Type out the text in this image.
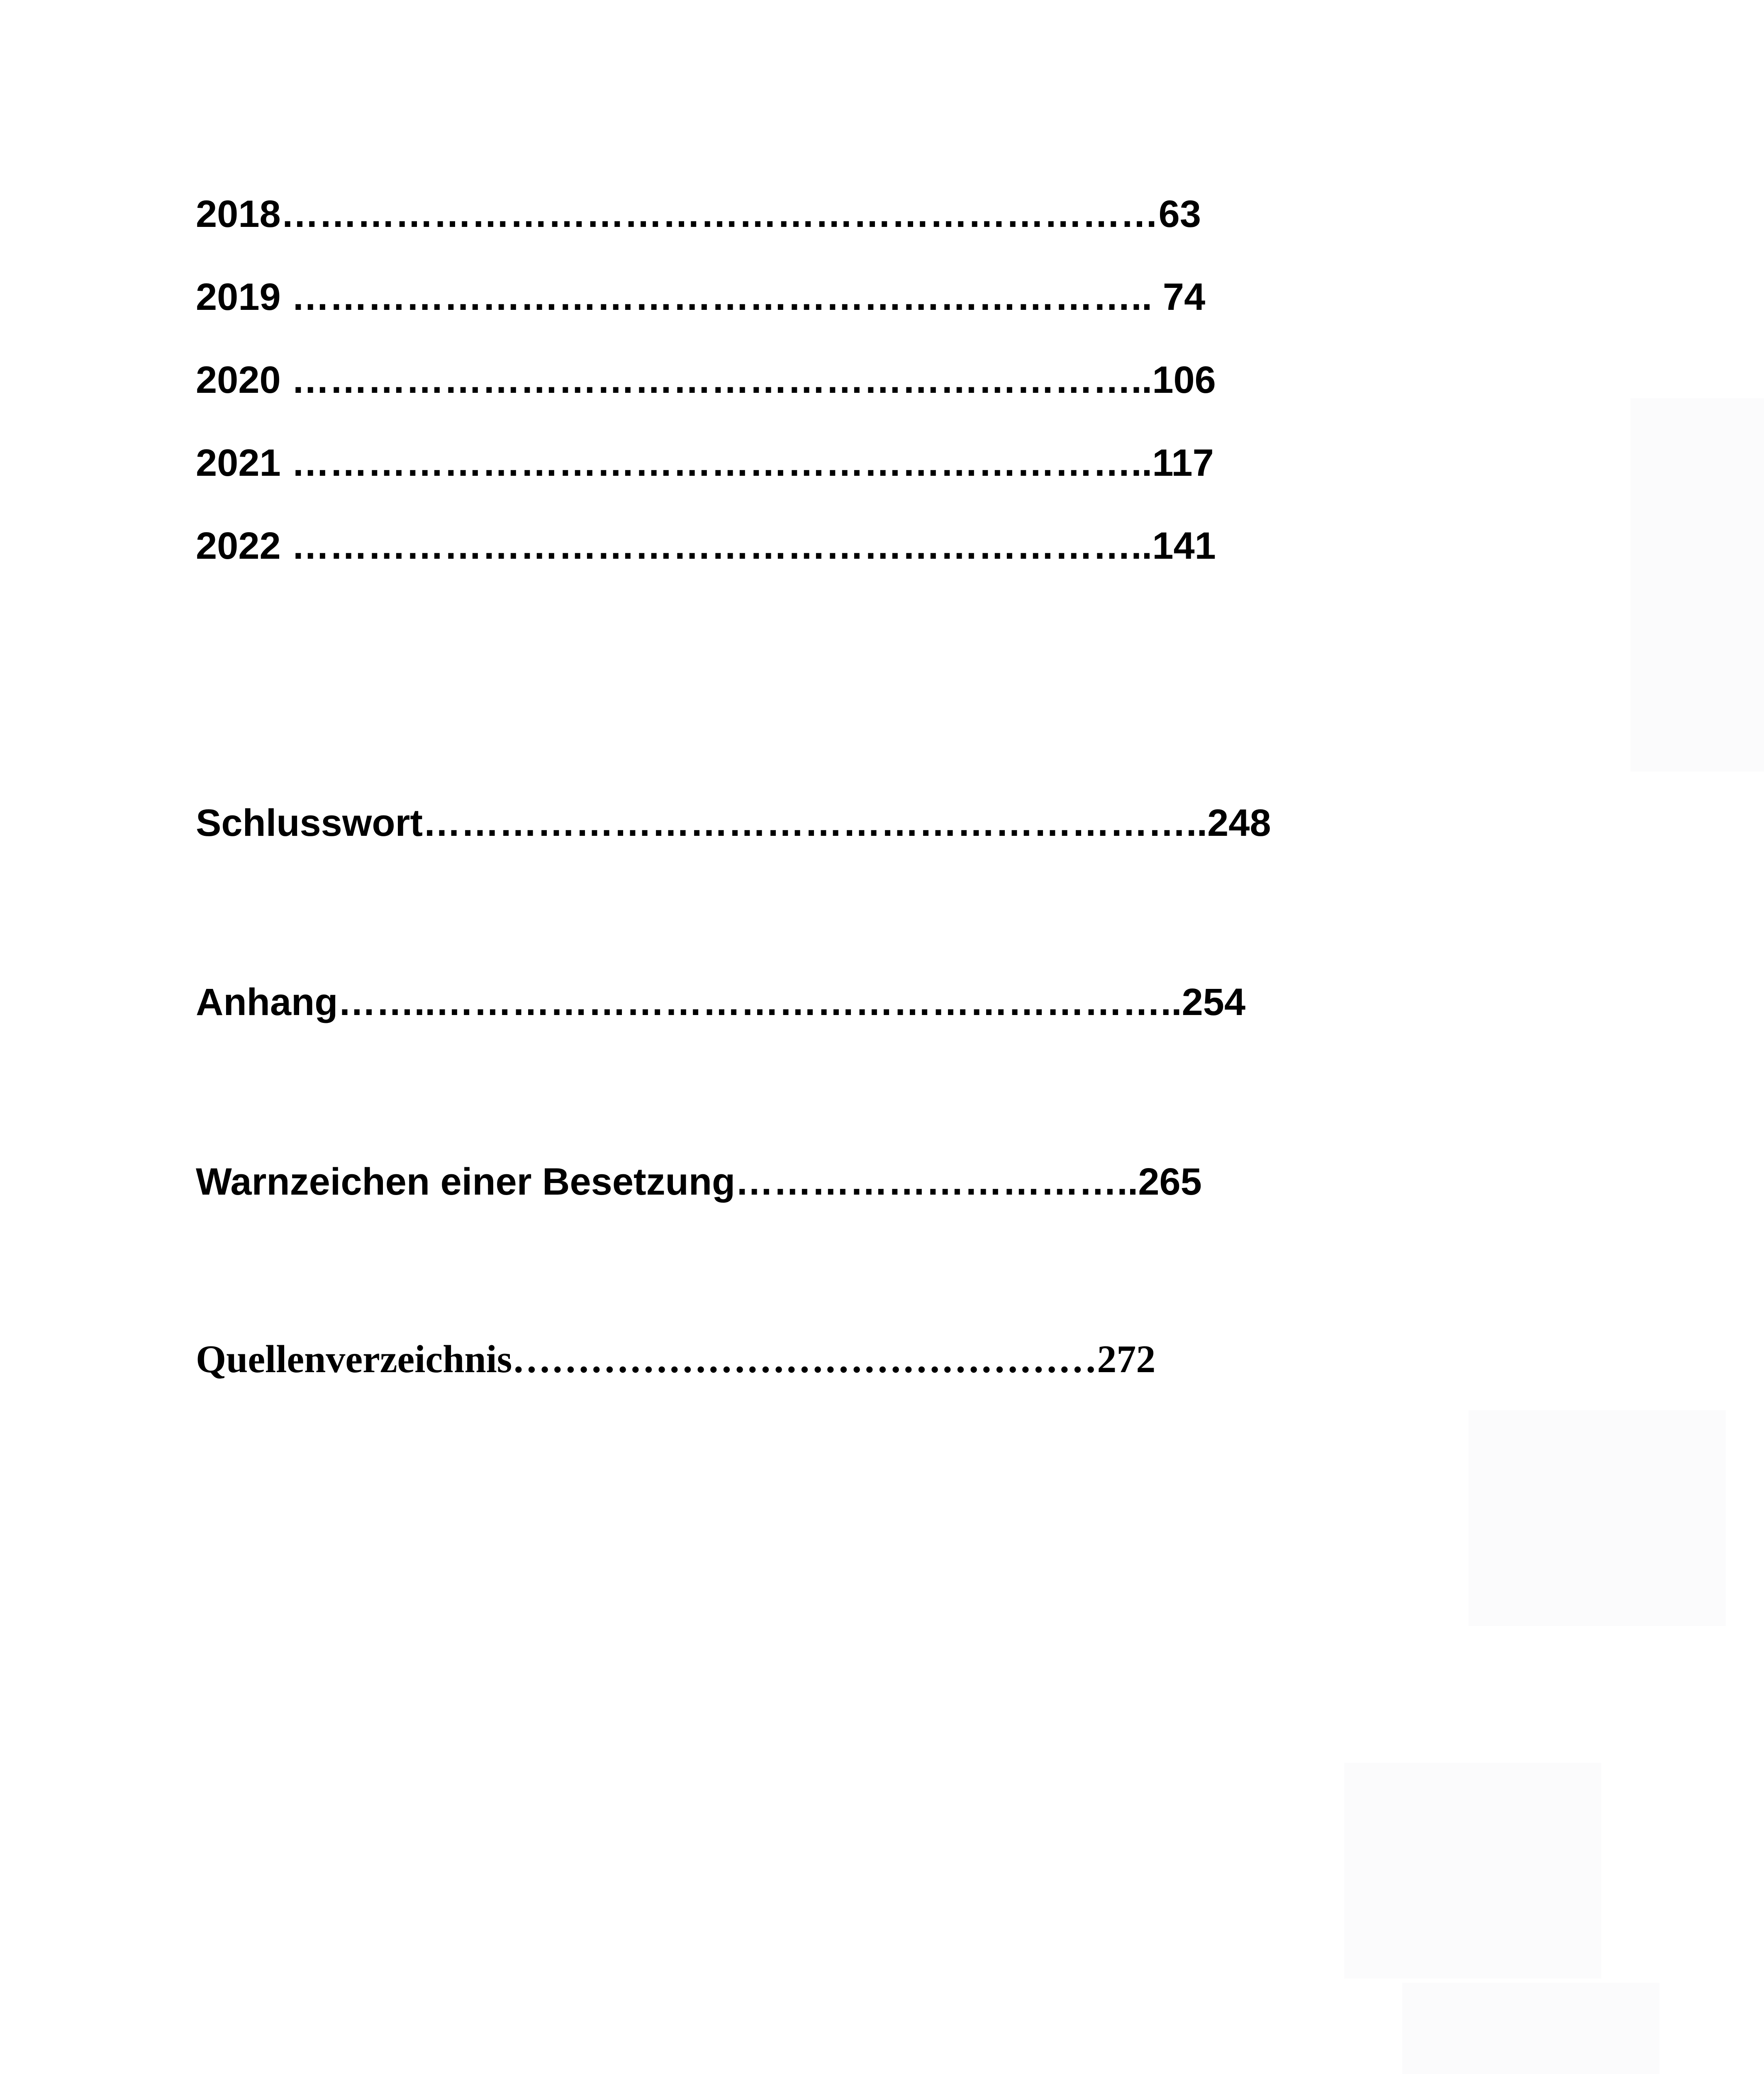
2018……………………………………………………………63

2019 ………………………………………………………….. 74

2020 …………………………………………………………..106

2021 …………………………………………………………..117

2022 …………………………………………………………..141

Schlusswort……………………………………………………..248

Anhang……..…………………………………………………..254

Warnzeichen einer Besetzung…………………………..265

Quellenverzeichnis………………………………………272
